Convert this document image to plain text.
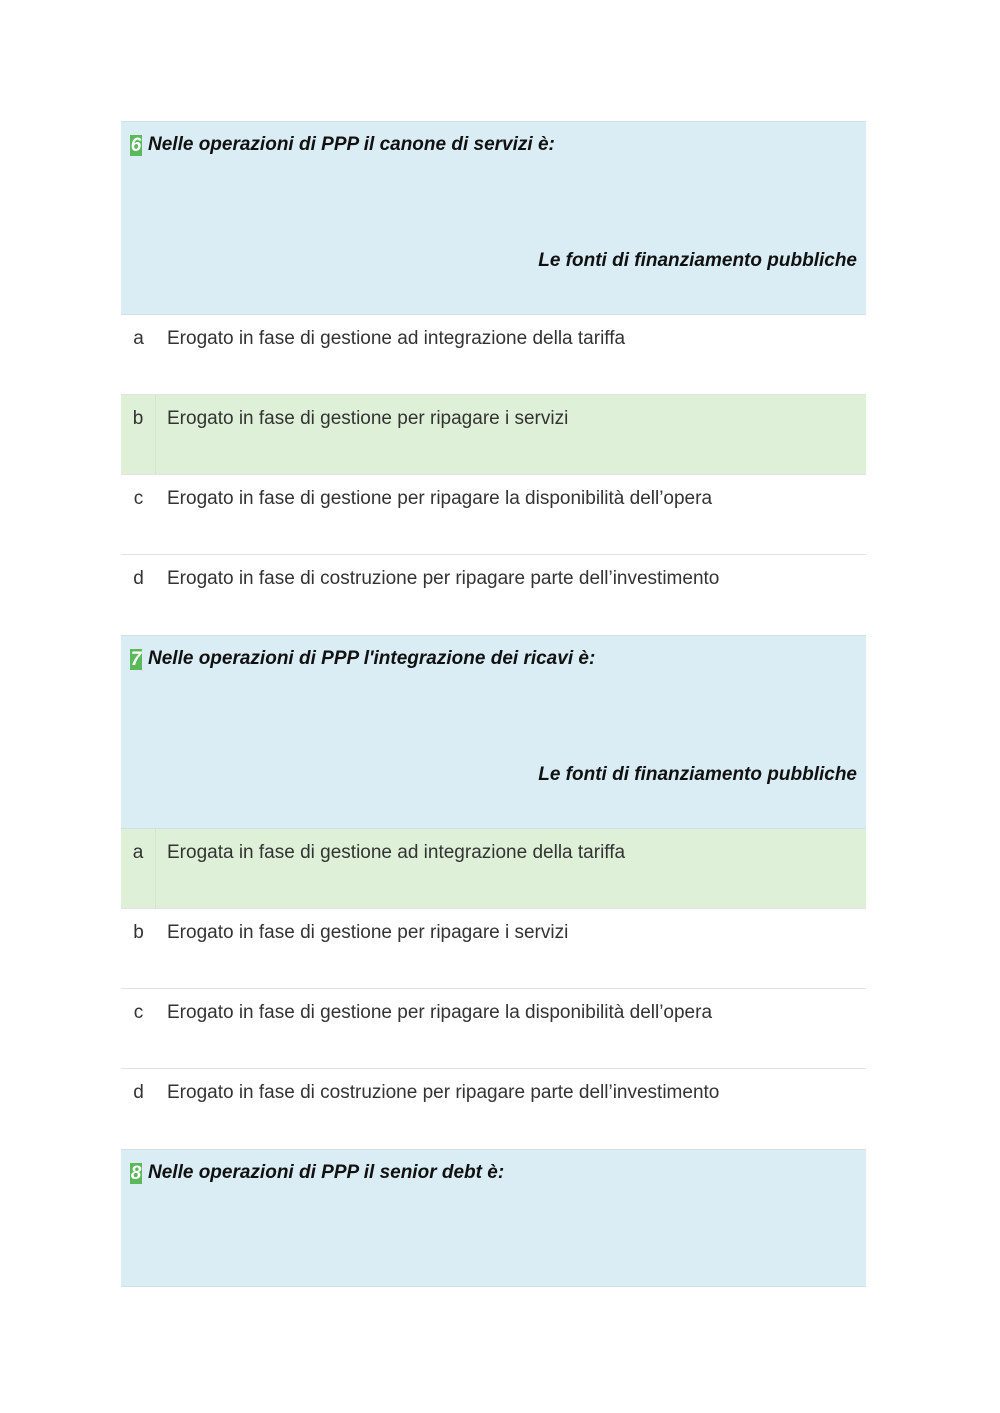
6 Nelle operazioni di PPP il canone di servizi è:
Le fonti di finanziamento pubbliche
a	Erogato in fase di gestione ad integrazione della tariffa
b	Erogato in fase di gestione per ripagare i servizi
c	Erogato in fase di gestione per ripagare la disponibilità dell’opera
d	Erogato in fase di costruzione per ripagare parte dell’investimento
7 Nelle operazioni di PPP l'integrazione dei ricavi è:
Le fonti di finanziamento pubbliche
a	Erogata in fase di gestione ad integrazione della tariffa
b	Erogato in fase di gestione per ripagare i servizi
c	Erogato in fase di gestione per ripagare la disponibilità dell’opera
d	Erogato in fase di costruzione per ripagare parte dell’investimento
8 Nelle operazioni di PPP il senior debt è:
